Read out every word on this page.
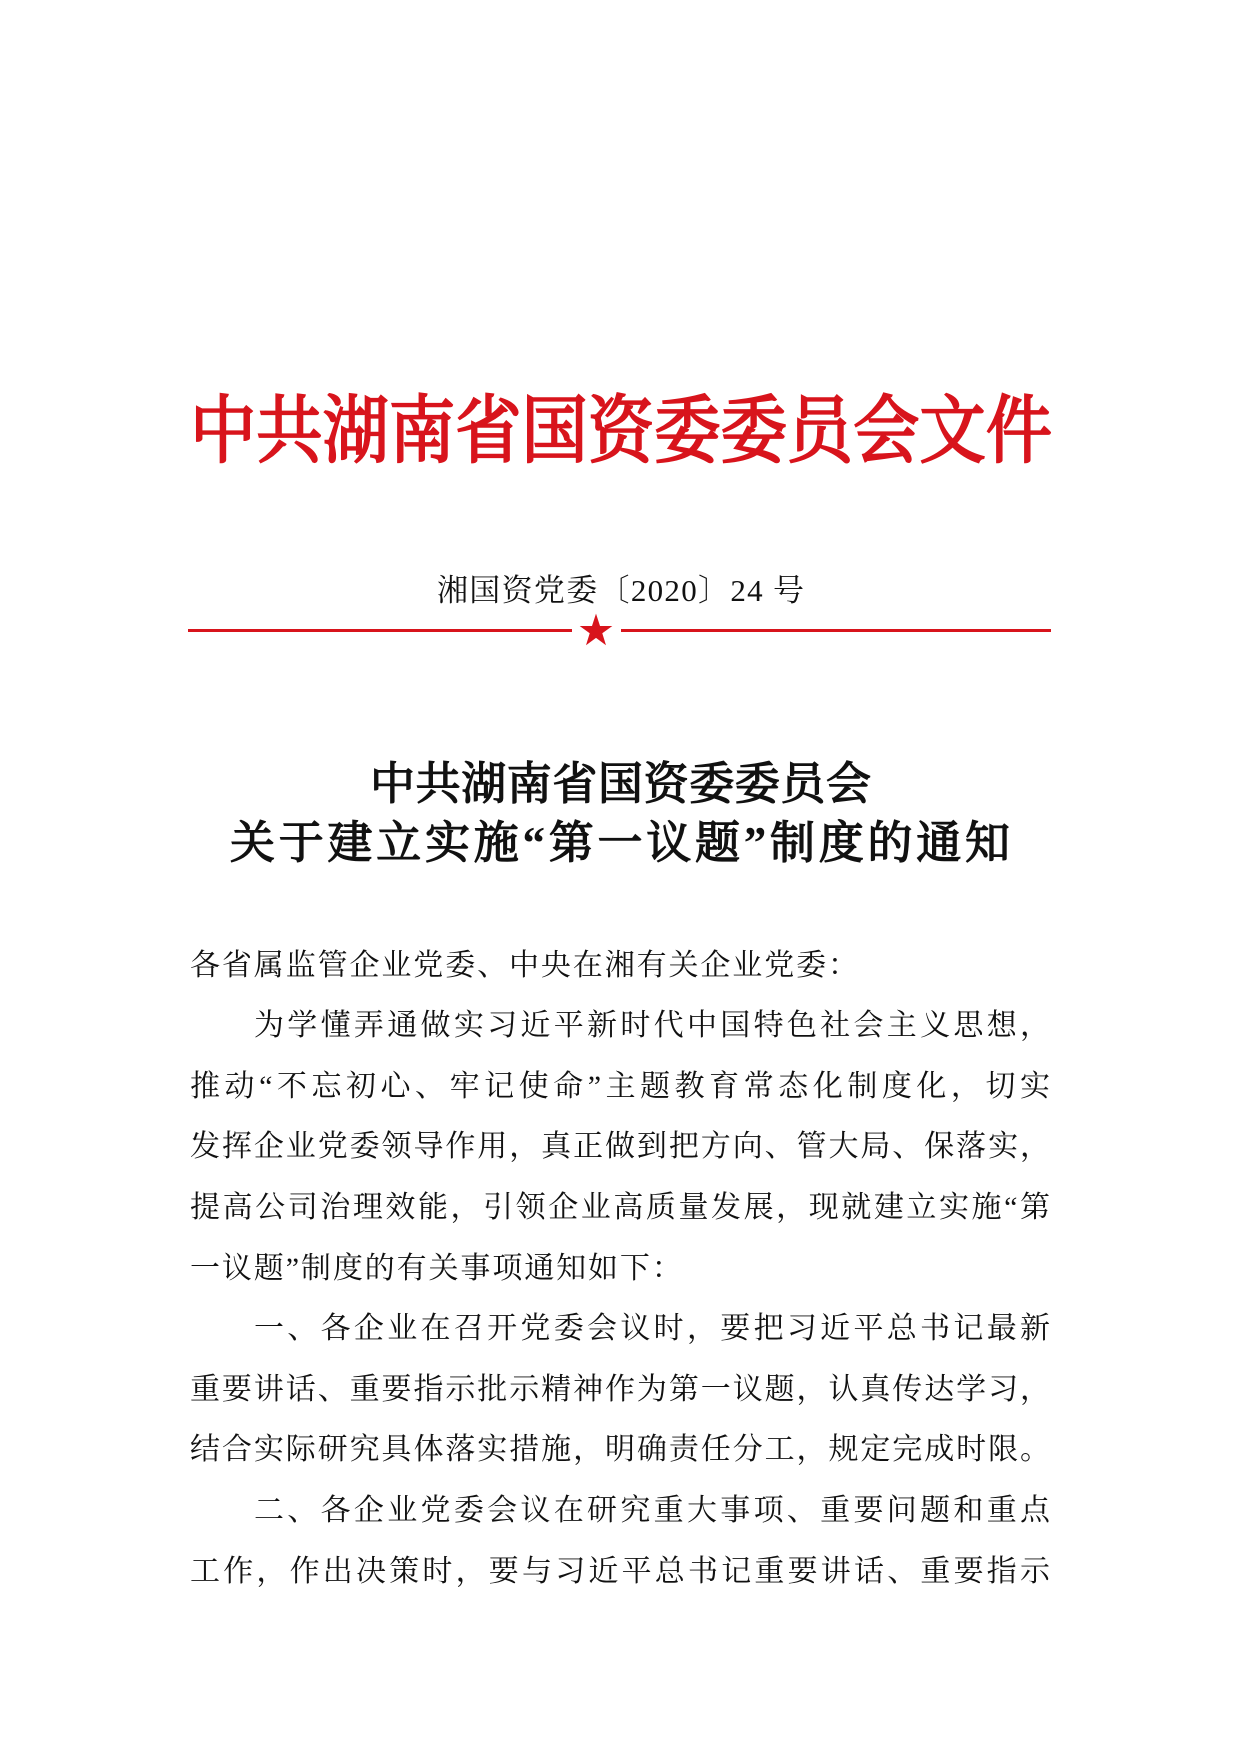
中共湖南省国资委委员会文件
湘国资党委〔2020〕24 号
中共湖南省国资委委员会
关于建立实施“第一议题”制度的通知
各省属监管企业党委、中央在湘有关企业党委：
为学懂弄通做实习近平新时代中国特色社会主义思想，
推动“不忘初心、牢记使命”主题教育常态化制度化，切实
发挥企业党委领导作用，真正做到把方向、管大局、保落实，
提高公司治理效能，引领企业高质量发展，现就建立实施“第
一议题”制度的有关事项通知如下：
一、各企业在召开党委会议时，要把习近平总书记最新
重要讲话、重要指示批示精神作为第一议题，认真传达学习，
结合实际研究具体落实措施，明确责任分工，规定完成时限。
二、各企业党委会议在研究重大事项、重要问题和重点
工作，作出决策时，要与习近平总书记重要讲话、重要指示
